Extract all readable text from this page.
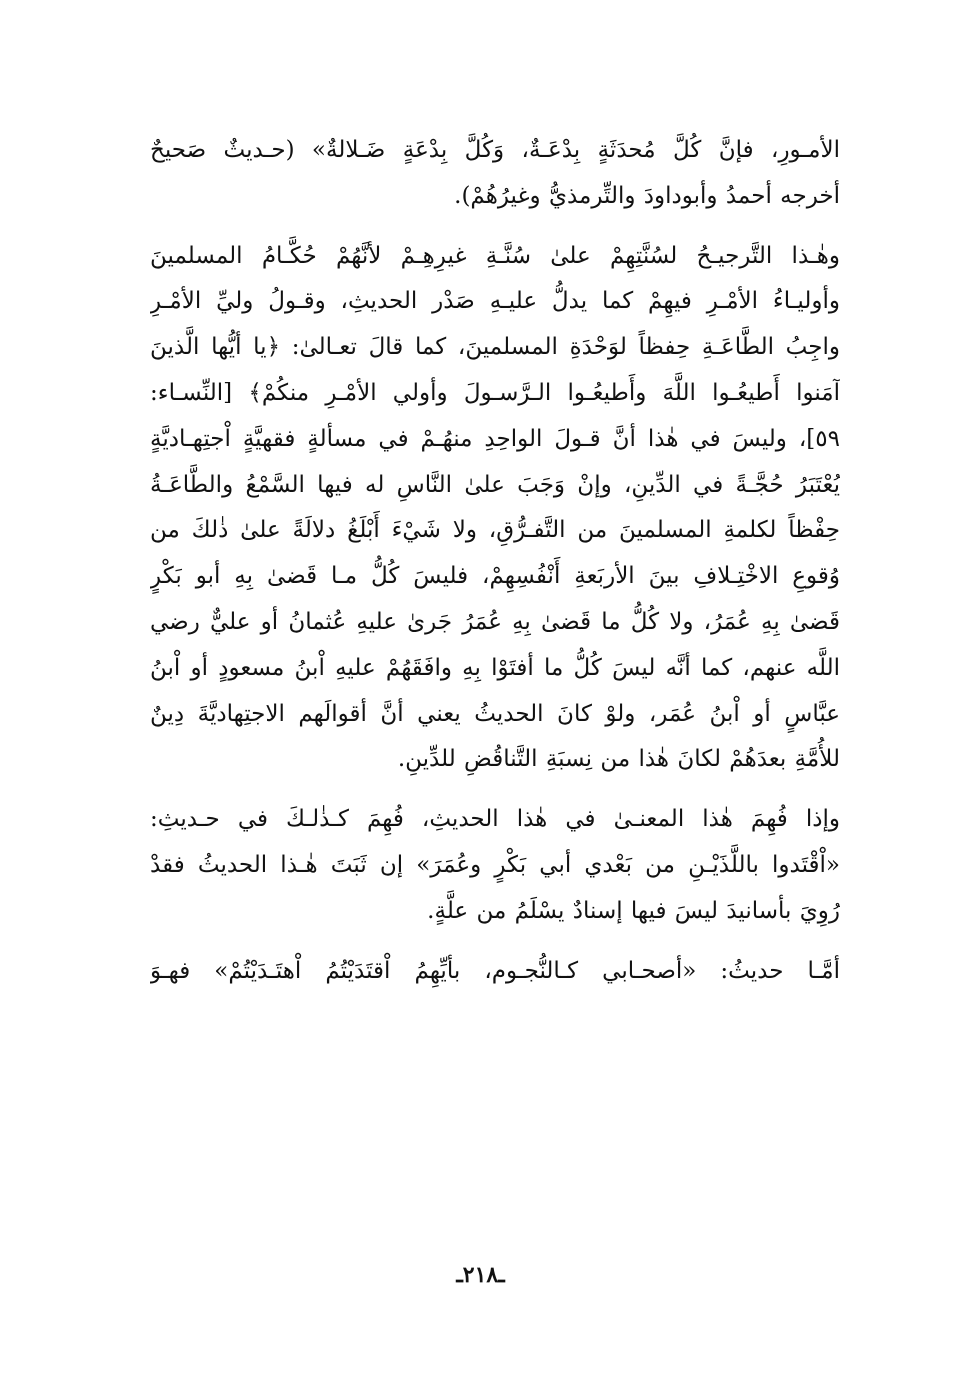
الأمـورِ، فإنَّ كُلَّ مُحدَثَةٍ بِدْعَـةٌ، وَكُلَّ بِدْعَةٍ ضَـلالةٌ» (حـديثٌ صَحيحٌ
أخرجه أحمدُ وأبوداودَ والتِّرمذيُّ وغيرُهُمْ).

وهٰـذا التَّرجيـحُ لسُنَّتِهِمْ علىٰ سُنَّـةِ غيرِهِـمْ لأنَّهُمْ حُكَّـامُ المسلمينَ
وأوليـاءُ الأمْـرِ فيهِمْ كما يدلُّ عليـهِ صَدْر الحديثِ، وقـولُ وليِّ الأمْـرِ
واجِبُ الطَّاعَـةِ حِفظاً لوَحْدَةِ المسلمينَ، كما قالَ تعـالىٰ: ﴿يا أيُّها الَّذينَ
آمَنوا أَطيعُـوا اللَّهَ وأَطيعُـوا الـرَّسـولَ وأولي الأمْـرِ منكُمْ﴾ [النِّسـاء:
٥٩]، وليسَ في هٰذا أنَّ قـولَ الواحِدِ منهُـمْ في مسألةٍ فقهيَّةٍ اْجتِهـاديَّةٍ
يُعْتَبَرُ حُجَّـةً في الدِّينِ، وإنْ وَجَبَ علىٰ النَّاسِ له فيها السَّمْعُ والطَّاعَـةُ
حِفْظاً لكلمةِ المسلمينَ من التَّفـرُّقِ، ولا شَيْءَ أَبْلَغُ دلالَةً علىٰ ذٰلكَ من
وُقوعِ الاخْتِـلافِ بينَ الأربَعةِ أَنْفُسِهِمْ، فليسَ كُلُّ مـا قَضىٰ بِهِ أبو بَكْرٍ
قَضىٰ بِهِ عُمَرُ، ولا كُلُّ ما قَضىٰ بِهِ عُمَرُ جَرىٰ عليهِ عُثمانُ أو عليٌّ رضي
اللَّه عنهم، كما أنَّه ليسَ كُلُّ ما أفتَوْا بِهِ وافَقَهُمْ عليهِ اْبنُ مسعودٍ أو اْبنُ
عبَّاسٍ أو اْبنُ عُمَر، ولوْ كانَ الحديثُ يعني أنَّ أقوالَهم الاجتِهاديَّةَ دِينٌ
للأُمَّةِ بعدَهُمْ لكانَ هٰذا من نِسبَةِ التَّناقُضِ للدِّينِ.

وإذا فُهِمَ هٰذا المعنـىٰ في هٰذا الحديثِ، فُهِمَ كـذٰلـكَ في حـديثِ:
«اْقْتَدوا باللَّذَيْـنِ من بَعْدي أبي بَكْرٍ وعُمَرَ» إن ثَبَتَ هٰـذا الحديثُ فقدْ
رُوِيَ بأسانيدَ ليسَ فيها إسنادٌ يسْلَمُ من علَّةٍ.

أمَّـا حديثُ: «أصحـابي كـالنُّجـوم، بأيِّهِمُ اْقتَدَيْتُمُ اْهتَـدَيْتُمْ» فهـوَ

ـ٢١٨ـ
